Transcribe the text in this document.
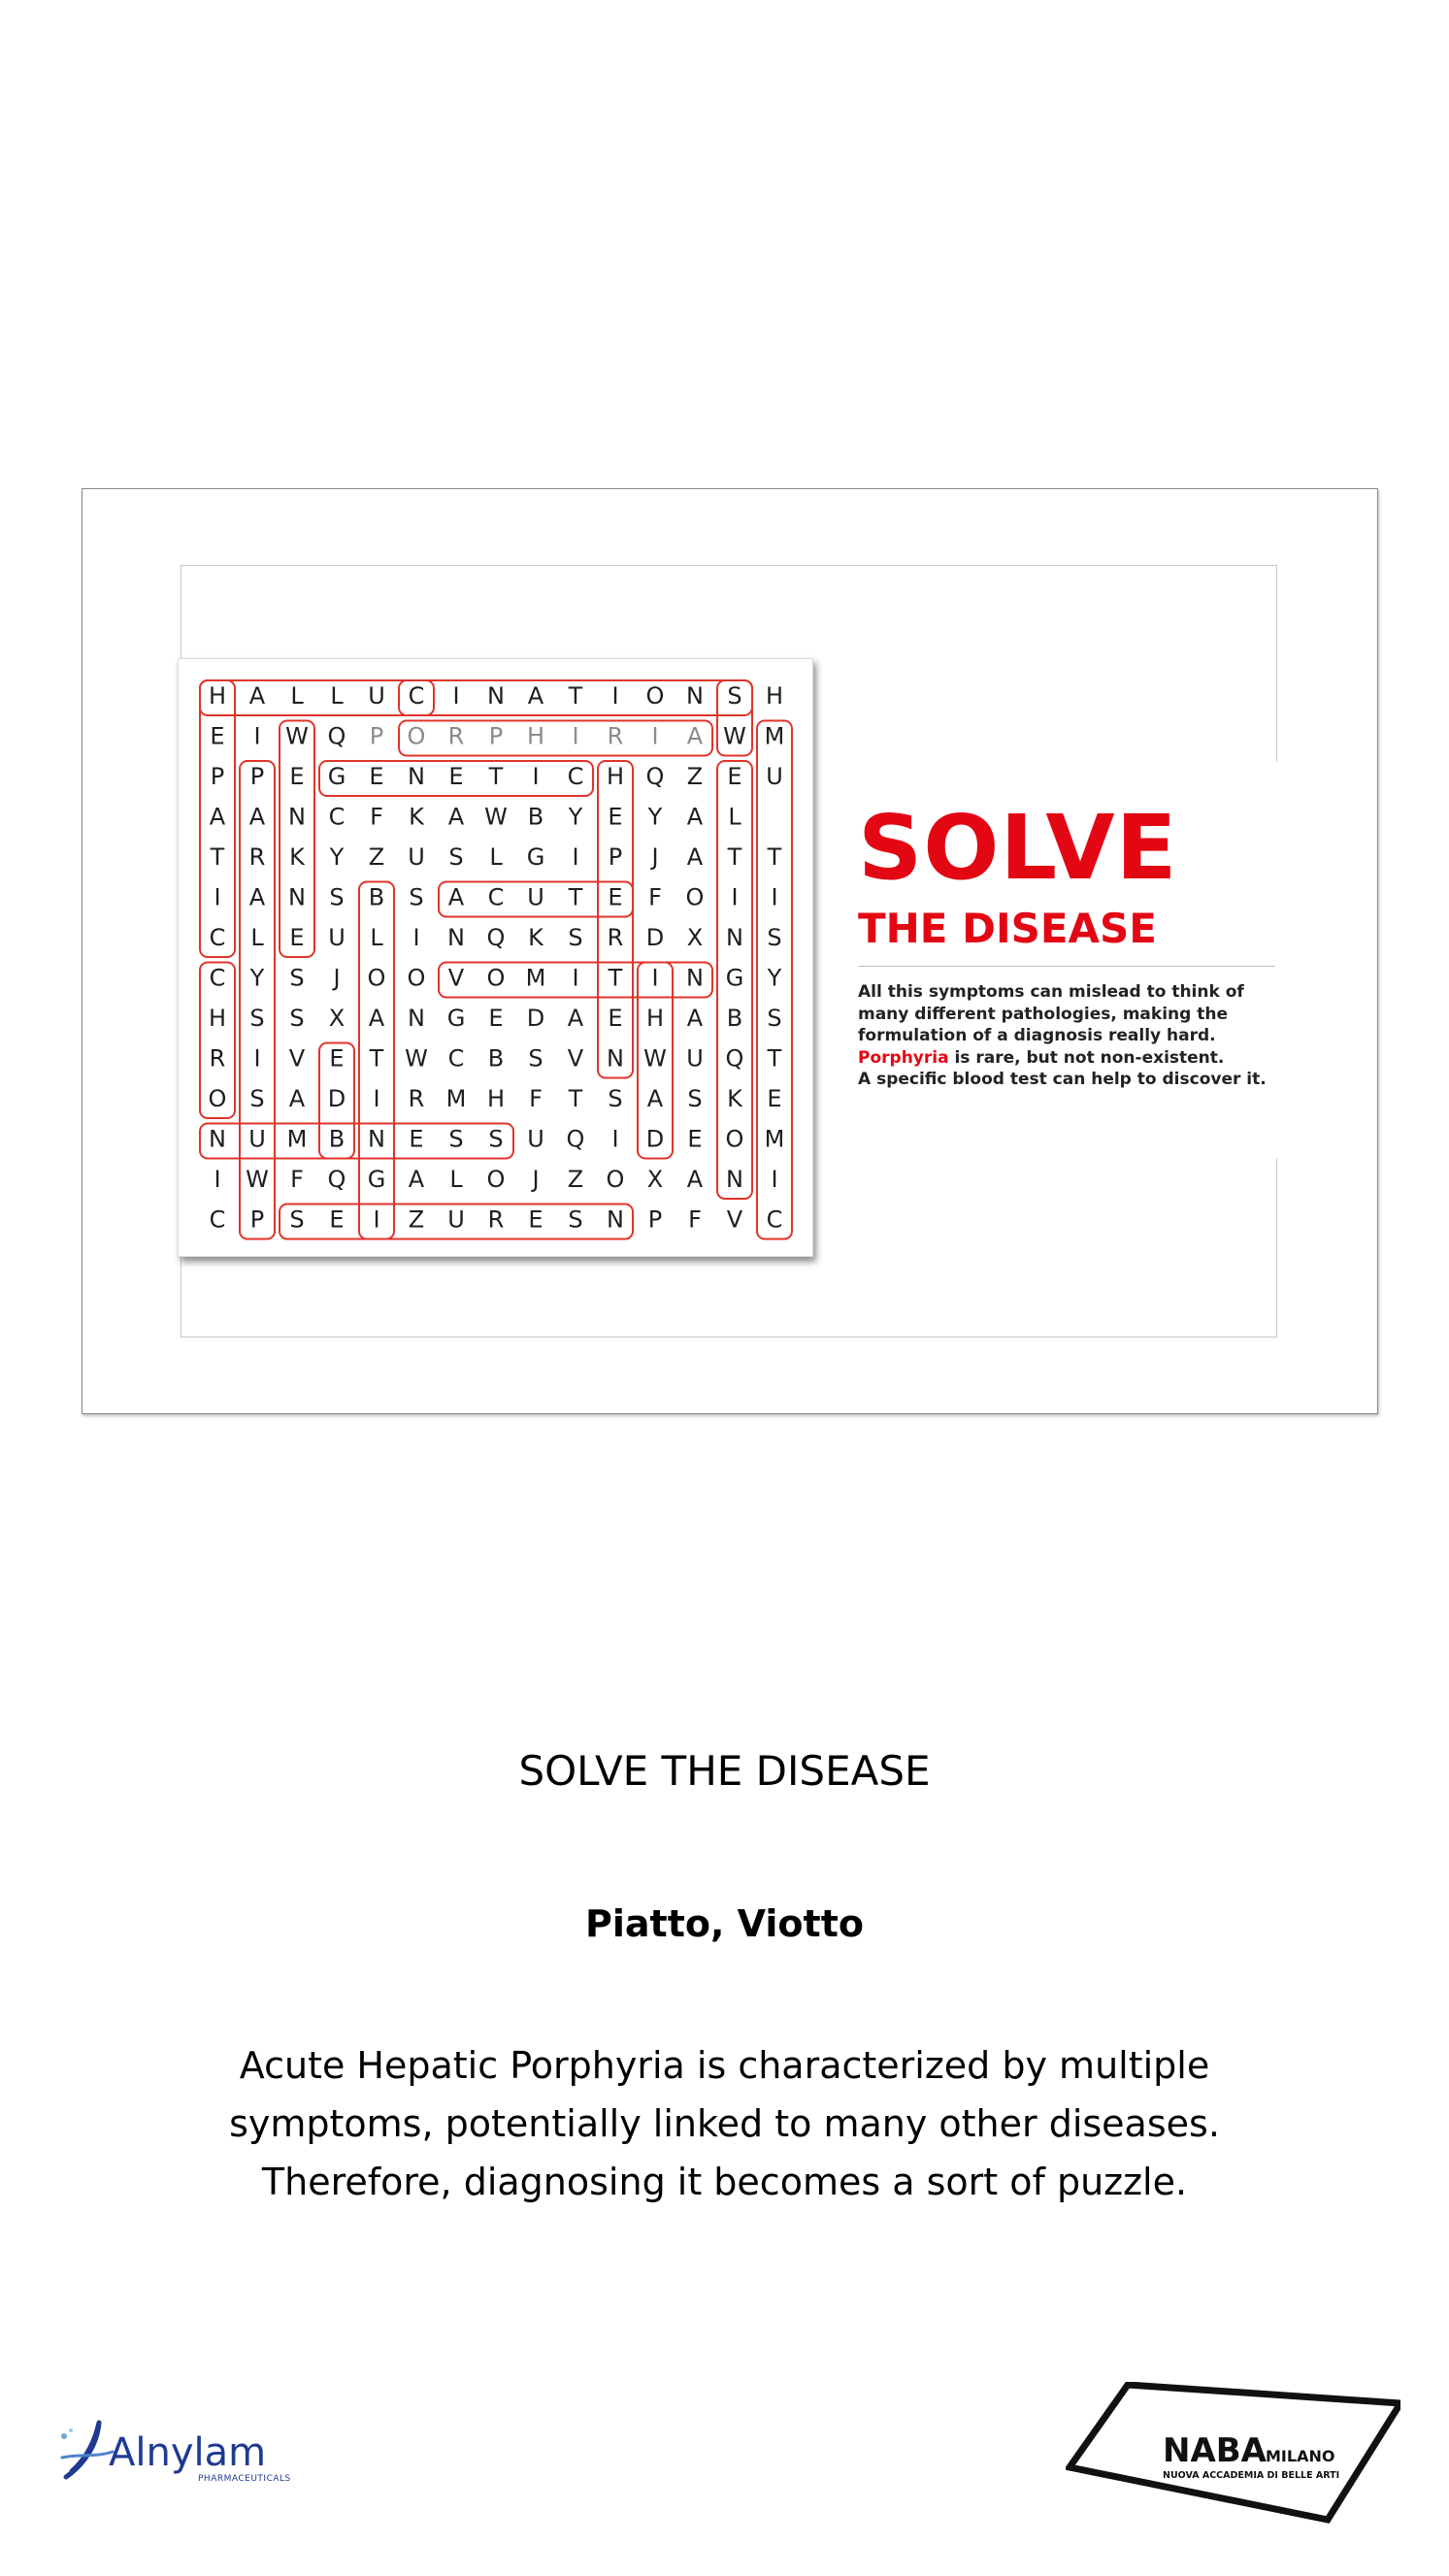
H A L L U C I N A T I O N S H
E I W Q P O R P H I R I A W M
P P E G E N E T I C H Q Z E U
A A N C F K A W B Y E Y A L
T R K Y Z U S L G I P J A T T
I A N S B S A C U T E F O I I
C L E U L I N Q K S R D X N S
C Y S J O O V O M I T I N G Y
H S S X A N G E D A E H A B S
R I V E T W C B S V N W U Q T
O S A D I R M H F T S A S K E
N U M B N E S S U Q I D E O M
I W F Q G A L O J Z O X A N I
C P S E I Z U R E S N P F V C
SOLVE
THE DISEASE
All this symptoms can mislead to think of
many different pathologies, making the
formulation of a diagnosis really hard.
Porphyria is rare, but not non-existent.
A specific blood test can help to discover it.
SOLVE THE DISEASE
Piatto, Viotto
Acute Hepatic Porphyria is characterized by multiple symptoms, potentially linked to many other diseases. Therefore, diagnosing it becomes a sort of puzzle.
Alnylam
PHARMACEUTICALS
NABA MILANO
NUOVA ACCADEMIA DI BELLE ARTI
